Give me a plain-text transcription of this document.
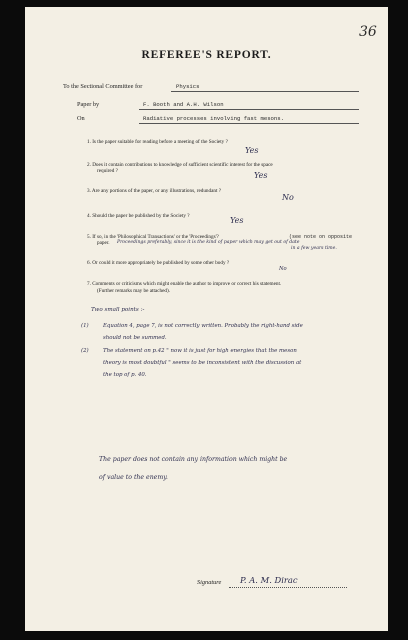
36
REFEREE'S REPORT.
To the Sectional Committee for	Physics
Paper by	F. Booth and A.H. Wilson
On	Radiative processes involving fast mesons.
1. Is the paper suitable for reading before a meeting of the Society ?
Yes
2. Does it contain contributions to knowledge of sufficient scientific interest for the space
required ?	Yes
3. Are any portions of the paper, or any illustrations, redundant ?
No
4. Should the paper be published by the Society ?	Yes
5. If so, in the 'Philosophical Transactions' or the 'Proceedings'?	(see note on opposite
paper. Proceedings preferably, since it is the kind of paper which may get out of date
in a few years time.
6. Or could it more appropriately be published by some other body ?
No
7. Comments or criticisms which might enable the author to improve or correct his statement.
(Further remarks may be attached).
Two small points :-
(1)	Equation 4, page 7, is not correctly written. Probably the right-hand side
should not be summed.
(2)	The statement on p.42 " now it is just for high energies that the meson
theory is most doubtful " seems to be inconsistent with the discussion at
the top of p. 40.
The paper does not contain any information which might be
of value to the enemy.
Signature P. A. M. Dirac
